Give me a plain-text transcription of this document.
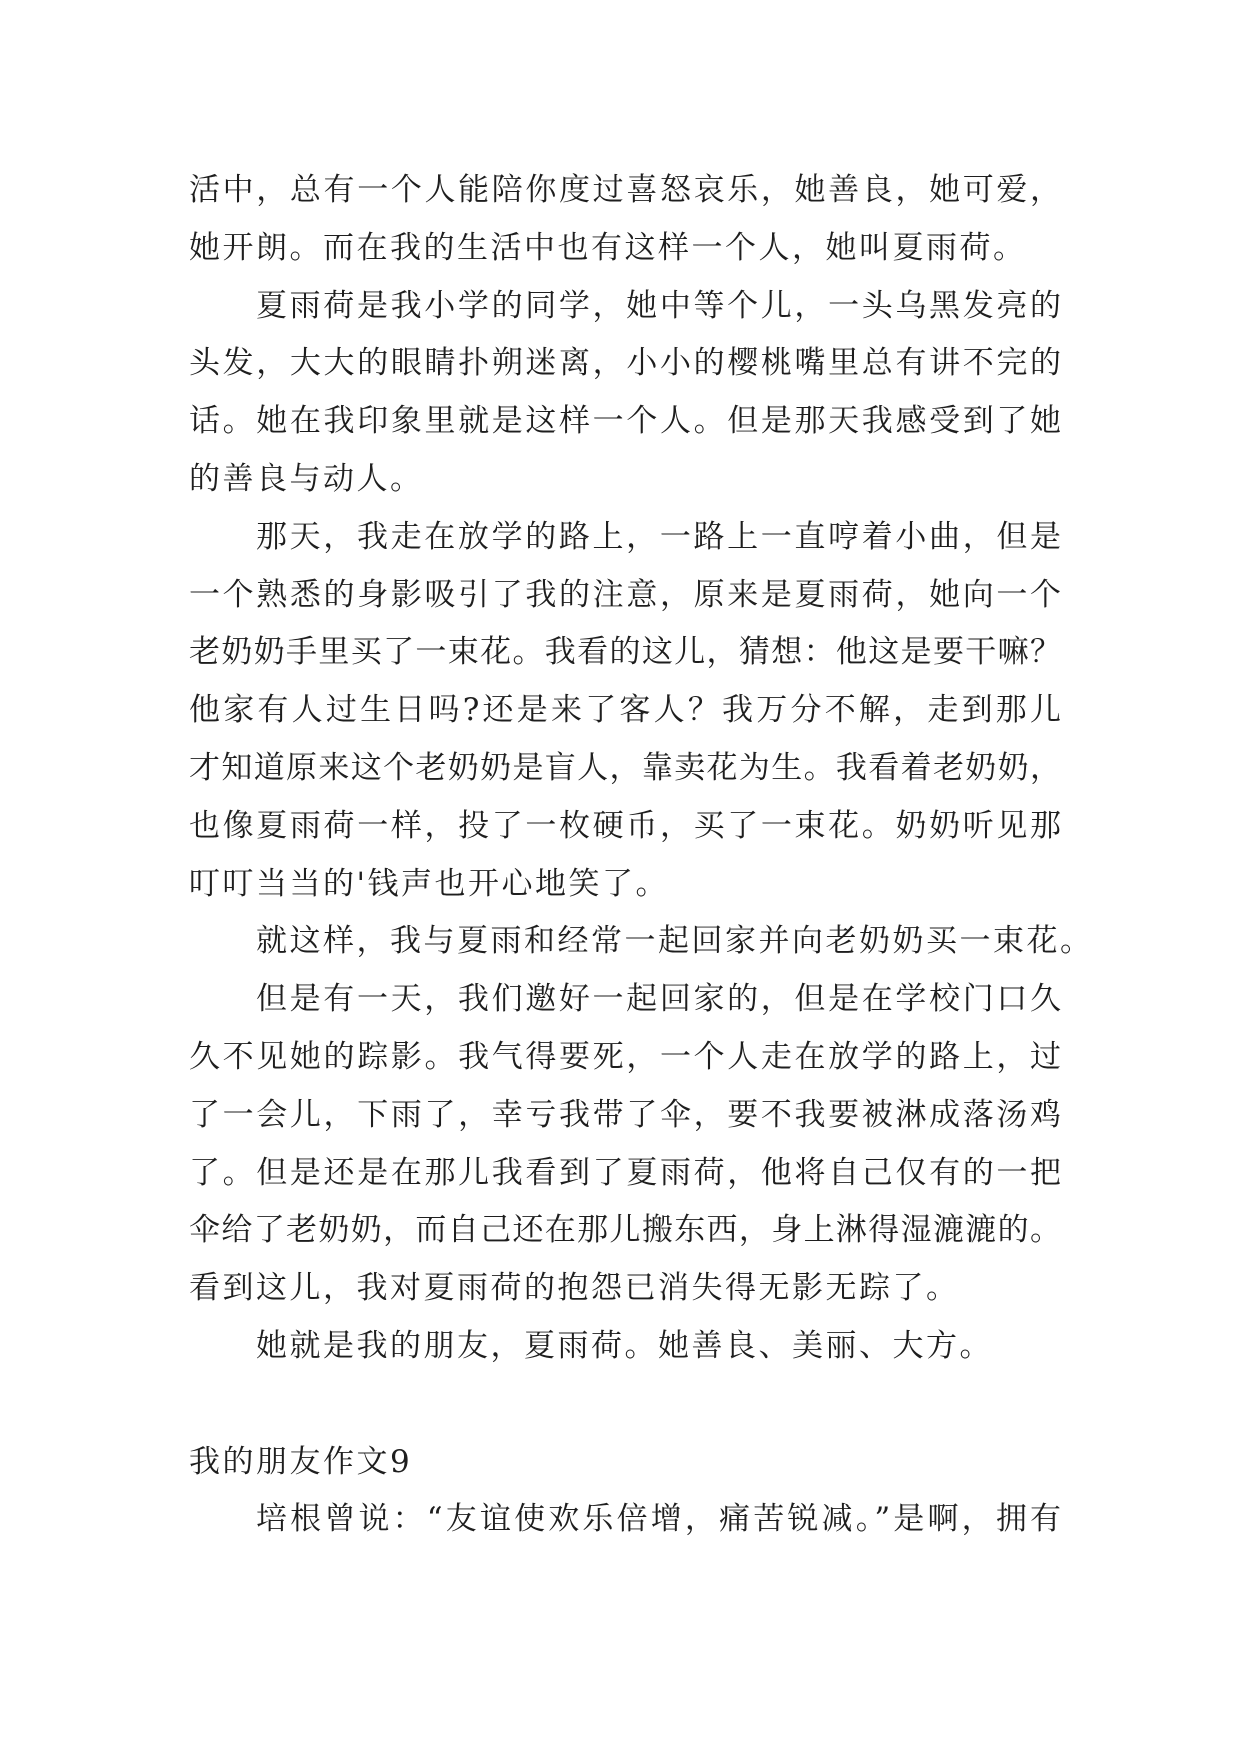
活中，总有一个人能陪你度过喜怒哀乐，她善良，她可爱，
她开朗。而在我的生活中也有这样一个人，她叫夏雨荷。
夏雨荷是我小学的同学，她中等个儿，一头乌黑发亮的
头发，大大的眼睛扑朔迷离，小小的樱桃嘴里总有讲不完的
话。她在我印象里就是这样一个人。但是那天我感受到了她
的善良与动人。
那天，我走在放学的路上，一路上一直哼着小曲，但是
一个熟悉的身影吸引了我的注意，原来是夏雨荷，她向一个
老奶奶手里买了一束花。我看的这儿，猜想：他这是要干嘛？
他家有人过生日吗?还是来了客人？我万分不解，走到那儿
才知道原来这个老奶奶是盲人，靠卖花为生。我看着老奶奶，
也像夏雨荷一样，投了一枚硬币，买了一束花。奶奶听见那
叮叮当当的'钱声也开心地笑了。
就这样，我与夏雨和经常一起回家并向老奶奶买一束花。
但是有一天，我们邀好一起回家的，但是在学校门口久
久不见她的踪影。我气得要死，一个人走在放学的路上，过
了一会儿，下雨了，幸亏我带了伞，要不我要被淋成落汤鸡
了。但是还是在那儿我看到了夏雨荷，他将自己仅有的一把
伞给了老奶奶，而自己还在那儿搬东西，身上淋得湿漉漉的。
看到这儿，我对夏雨荷的抱怨已消失得无影无踪了。
她就是我的朋友，夏雨荷。她善良、美丽、大方。
我的朋友作文9
培根曾说：“友谊使欢乐倍增，痛苦锐减。”是啊，拥有
